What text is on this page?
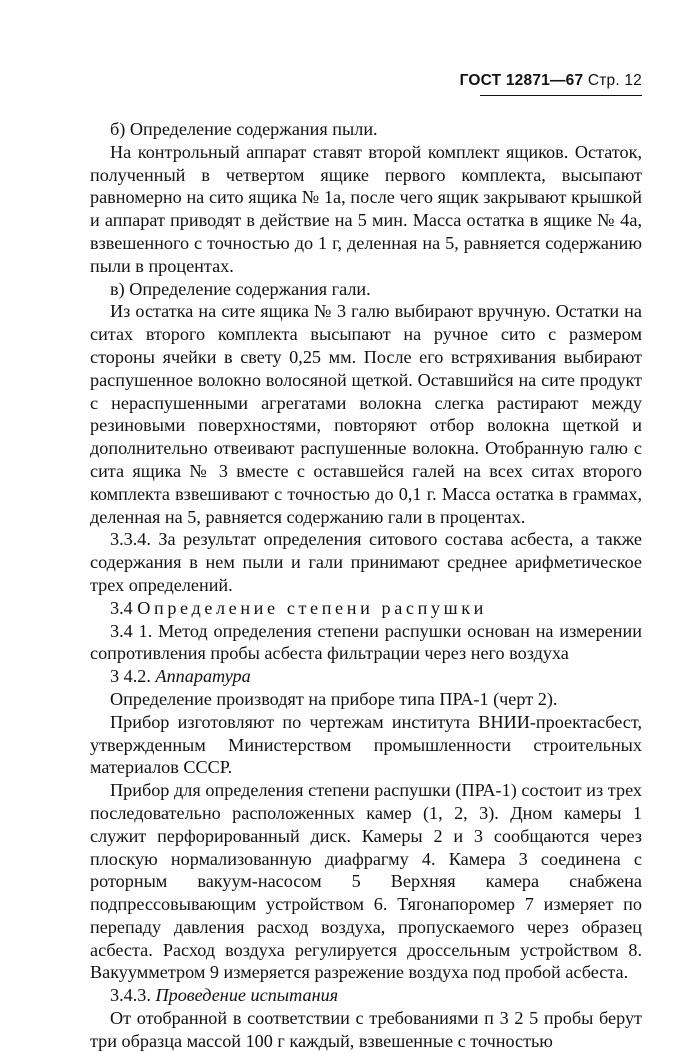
ГОСТ 12871—67 Стр. 12

б) Определение содержания пыли.

На контрольный аппарат ставят второй комплект ящиков. Остаток, полученный в четвертом ящике первого комплекта, высыпают равномерно на сито ящика № 1а, после чего ящик закрывают крышкой и аппарат приводят в действие на 5 мин. Масса остатка в ящике № 4а, взвешенного с точностью до 1 г, деленная на 5, равняется содержанию пыли в процентах.

в) Определение содержания гали.

Из остатка на сите ящика № 3 галю выбирают вручную. Остатки на ситах второго комплекта высыпают на ручное сито с размером стороны ячейки в свету 0,25 мм. После его встряхивания выбирают распушенное волокно волосяной щеткой. Оставшийся на сите продукт с нераспушенными агрегатами волокна слегка растирают между резиновыми поверхностями, повторяют отбор волокна щеткой и дополнительно отвеивают распушенные волокна. Отобранную галю с сита ящика № 3 вместе с оставшейся галей на всех ситах второго комплекта взвешивают с точностью до 0,1 г. Масса остатка в граммах, деленная на 5, равняется содержанию гали в процентах.

3.3.4. За результат определения ситового состава асбеста, а также содержания в нем пыли и гали принимают среднее арифметическое трех определений.

3.4 Определение степени распушки

3.4 1. Метод определения степени распушки основан на измерении сопротивления пробы асбеста фильтрации через него воздуха

3 4.2. Аппаратура

Определение производят на приборе типа ПРА-1 (черт 2).

Прибор изготовляют по чертежам института ВНИИ-проектасбест, утвержденным Министерством промышленности строительных материалов СССР.

Прибор для определения степени распушки (ПРА-1) состоит из трех последовательно расположенных камер (1, 2, 3). Дном камеры 1 служит перфорированный диск. Камеры 2 и 3 сообщаются через плоскую нормализованную диафрагму 4. Камера 3 соединена с роторным вакуум-насосом 5 Верхняя камера снабжена подпрессовывающим устройством 6. Тягонапоромер 7 измеряет по перепаду давления расход воздуха, пропускаемого через образец асбеста. Расход воздуха регулируется дроссельным устройством 8. Вакуумметром 9 измеряется разрежение воздуха под пробой асбеста.

3.4.3. Проведение испытания

От отобранной в соответствии с требованиями п 3 2 5 пробы берут три образца массой 100 г каждый, взвешенные с точностью
